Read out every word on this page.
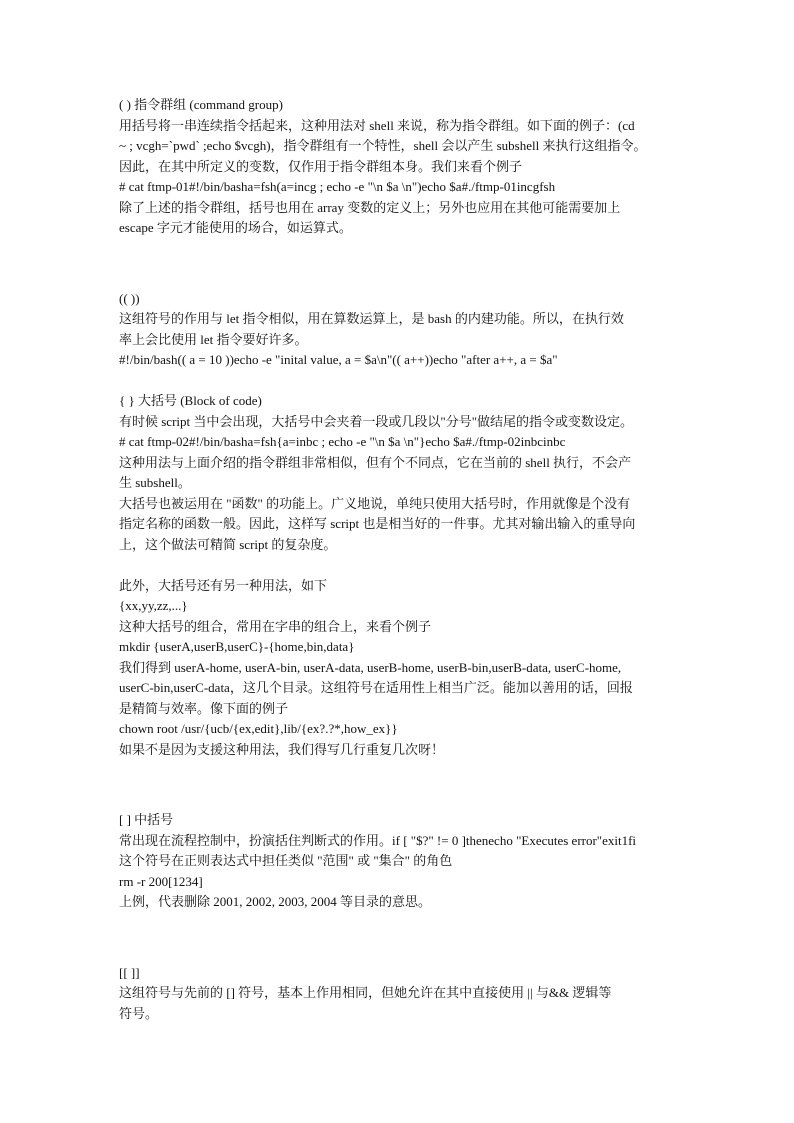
( ) 指令群组 (command group)
用括号将一串连续指令括起来，这种用法对 shell 来说，称为指令群组。如下面的例子：(cd
~ ; vcgh=`pwd` ;echo $vcgh)，指令群组有一个特性，shell 会以产生 subshell 来执行这组指令。
因此，在其中所定义的变数，仅作用于指令群组本身。我们来看个例子
# cat ftmp-01#!/bin/basha=fsh(a=incg ; echo -e "\n $a \n")echo $a#./ftmp-01incgfsh
除了上述的指令群组，括号也用在 array 变数的定义上；另外也应用在其他可能需要加上
escape 字元才能使用的场合，如运算式。
(( ))
这组符号的作用与 let 指令相似，用在算数运算上，是 bash 的内建功能。所以，在执行效
率上会比使用 let 指令要好许多。
#!/bin/bash(( a = 10 ))echo -e "inital value, a = $a\n"(( a++))echo "after a++, a = $a"
{ } 大括号 (Block of code)
有时候 script 当中会出现，大括号中会夹着一段或几段以"分号"做结尾的指令或变数设定。
# cat ftmp-02#!/bin/basha=fsh{a=inbc ; echo -e "\n $a \n"}echo $a#./ftmp-02inbcinbc
这种用法与上面介绍的指令群组非常相似，但有个不同点，它在当前的 shell 执行，不会产
生 subshell。
大括号也被运用在 "函数" 的功能上。广义地说，单纯只使用大括号时，作用就像是个没有
指定名称的函数一般。因此，这样写 script 也是相当好的一件事。尤其对输出输入的重导向
上，这个做法可精简 script 的复杂度。
此外，大括号还有另一种用法，如下
{xx,yy,zz,...}
这种大括号的组合，常用在字串的组合上，来看个例子
mkdir {userA,userB,userC}-{home,bin,data}
我们得到 userA-home, userA-bin, userA-data, userB-home, userB-bin,userB-data, userC-home,
userC-bin,userC-data，这几个目录。这组符号在适用性上相当广泛。能加以善用的话，回报
是精简与效率。像下面的例子
chown root /usr/{ucb/{ex,edit},lib/{ex?.?*,how_ex}}
如果不是因为支援这种用法，我们得写几行重复几次呀！
[ ] 中括号
常出现在流程控制中，扮演括住判断式的作用。if [ "$?" != 0 ]thenecho "Executes error"exit1fi
这个符号在正则表达式中担任类似 "范围" 或 "集合" 的角色
rm -r 200[1234]
上例，代表删除 2001, 2002, 2003, 2004 等目录的意思。
[[ ]]
这组符号与先前的 [] 符号，基本上作用相同，但她允许在其中直接使用 || 与&& 逻辑等
符号。
